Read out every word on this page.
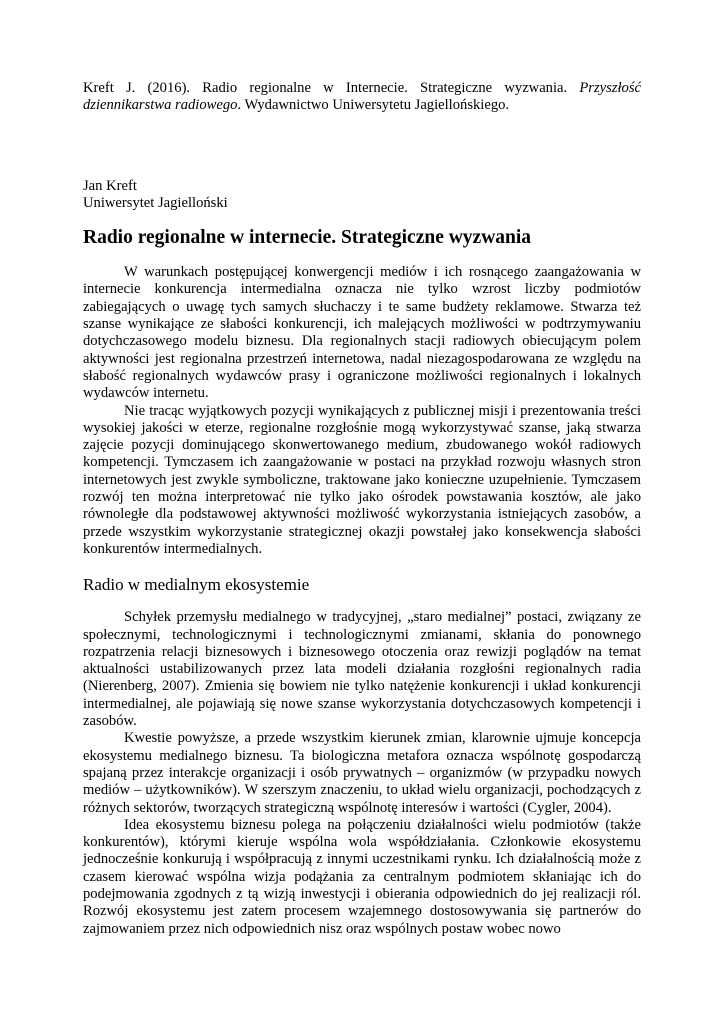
Kreft J. (2016). Radio regionalne w Internecie. Strategiczne wyzwania. Przyszłość dziennikarstwa radiowego. Wydawnictwo Uniwersytetu Jagiellońskiego.
Jan Kreft
Uniwersytet Jagielloński
Radio regionalne w internecie. Strategiczne wyzwania

W warunkach postępującej konwergencji mediów i ich rosnącego zaangażowania w internecie konkurencja intermedialna oznacza nie tylko wzrost liczby podmiotów zabiegających o uwagę tych samych słuchaczy i te same budżety reklamowe. Stwarza też szanse wynikające ze słabości konkurencji, ich malejących możliwości w podtrzymywaniu dotychczasowego modelu biznesu. Dla regionalnych stacji radiowych obiecującym polem aktywności jest regionalna przestrzeń internetowa, nadal niezagospodarowana ze względu na słabość regionalnych wydawców prasy i ograniczone możliwości regionalnych i lokalnych wydawców internetu.

Nie tracąc wyjątkowych pozycji wynikających z publicznej misji i prezentowania treści wysokiej jakości w eterze, regionalne rozgłośnie mogą wykorzystywać szanse, jaką stwarza zajęcie pozycji dominującego skonwertowanego medium, zbudowanego wokół radiowych kompetencji. Tymczasem ich zaangażowanie w postaci na przykład rozwoju własnych stron internetowych jest zwykle symboliczne, traktowane jako konieczne uzupełnienie. Tymczasem rozwój ten można interpretować nie tylko jako ośrodek powstawania kosztów, ale jako równoległe dla podstawowej aktywności możliwość wykorzystania istniejących zasobów, a przede wszystkim wykorzystanie strategicznej okazji powstałej jako konsekwencja słabości konkurentów intermedialnych.

Radio w medialnym ekosystemie

Schyłek przemysłu medialnego w tradycyjnej, „staro medialnej” postaci, związany ze społecznymi, technologicznymi i technologicznymi zmianami, skłania do ponownego rozpatrzenia relacji biznesowych i biznesowego otoczenia oraz rewizji poglądów na temat aktualności ustabilizowanych przez lata modeli działania rozgłośni regionalnych radia (Nierenberg, 2007). Zmienia się bowiem nie tylko natężenie konkurencji i układ konkurencji intermedialnej, ale pojawiają się nowe szanse wykorzystania dotychczasowych kompetencji i zasobów.

Kwestie powyższe, a przede wszystkim kierunek zmian, klarownie ujmuje koncepcja ekosystemu medialnego biznesu. Ta biologiczna metafora oznacza wspólnotę gospodarczą spajaną przez interakcje organizacji i osób prywatnych – organizmów (w przypadku nowych mediów – użytkowników). W szerszym znaczeniu, to układ wielu organizacji, pochodzących z różnych sektorów, tworzących strategiczną wspólnotę interesów i wartości (Cygler, 2004).

Idea ekosystemu biznesu polega na połączeniu działalności wielu podmiotów (także konkurentów), którymi kieruje wspólna wola współdziałania. Członkowie ekosystemu jednocześnie konkurują i współpracują z innymi uczestnikami rynku. Ich działalnością może z czasem kierować wspólna wizja podążania za centralnym podmiotem skłaniając ich do podejmowania zgodnych z tą wizją inwestycji i obierania odpowiednich do jej realizacji ról. Rozwój ekosystemu jest zatem procesem wzajemnego dostosowywania się partnerów do zajmowaniem przez nich odpowiednich nisz oraz wspólnych postaw wobec nowo
